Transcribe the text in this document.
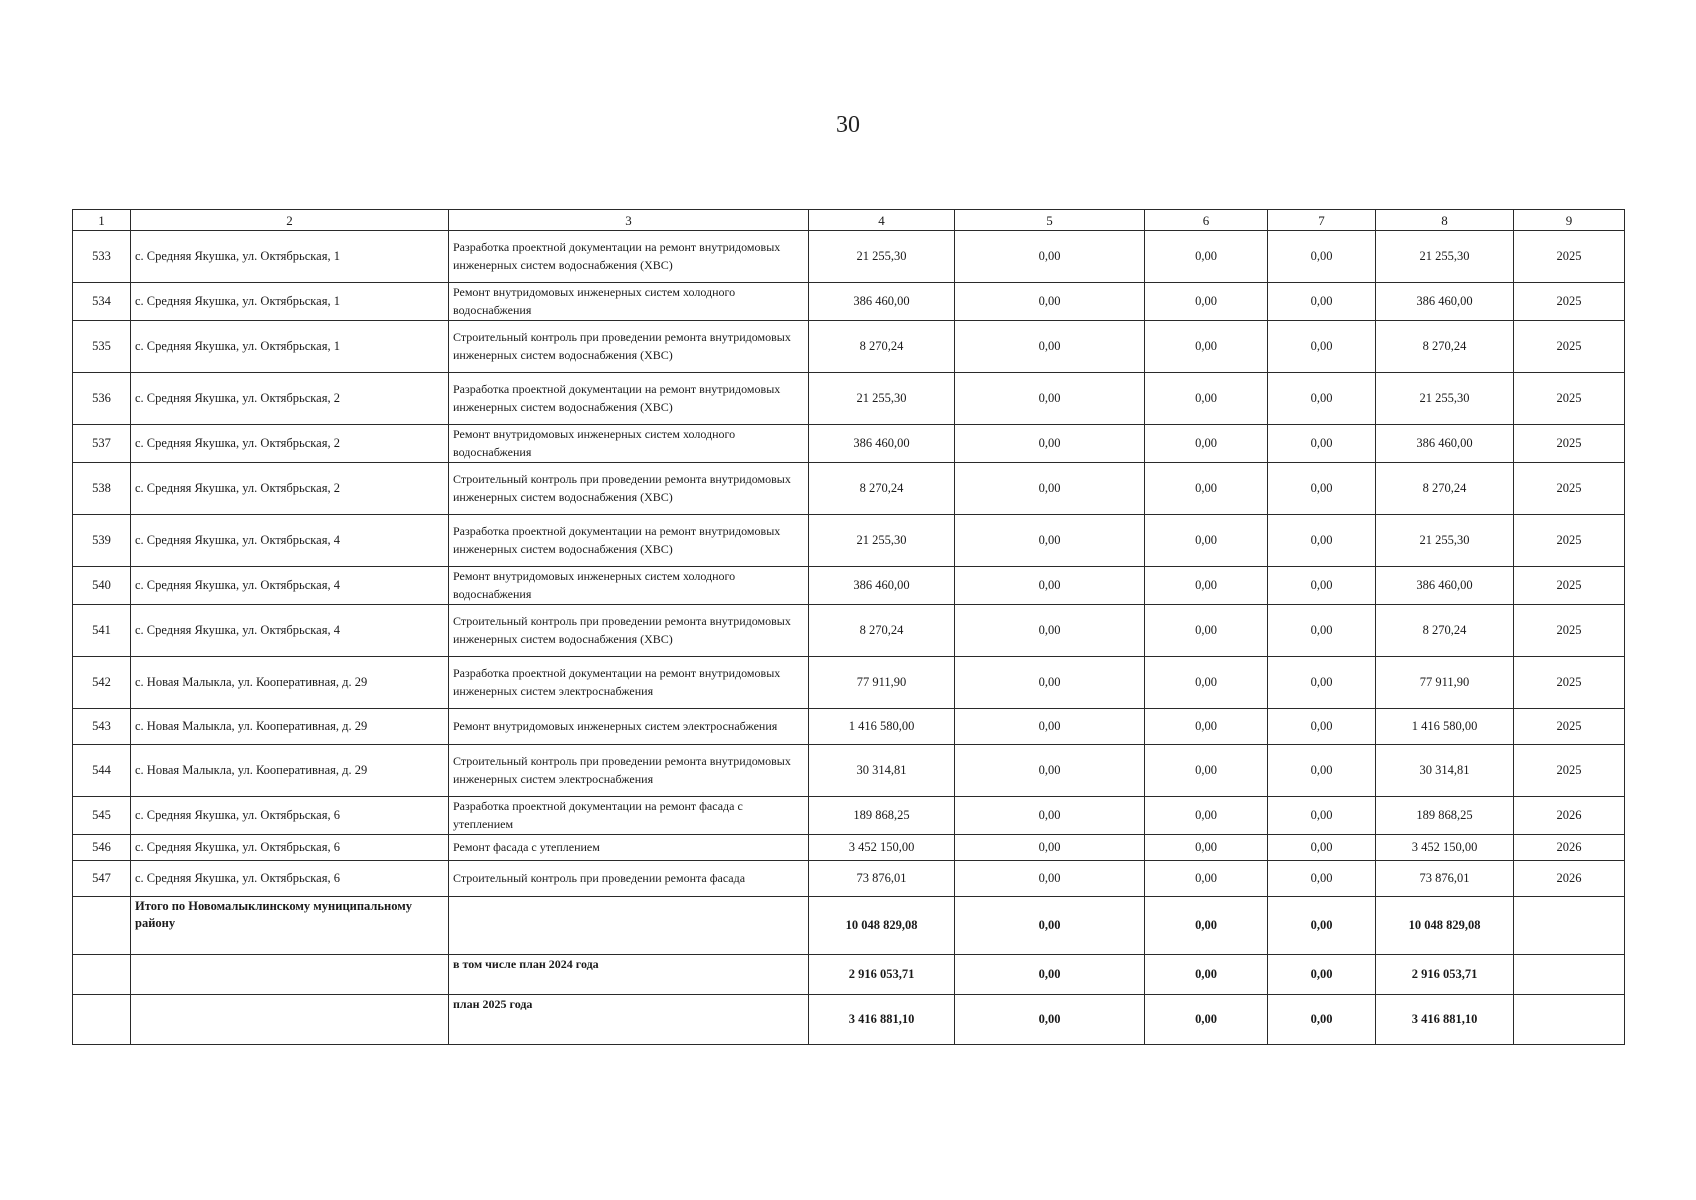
30
1	2	3	4	5	6	7	8	9
533	с. Средняя Якушка, ул. Октябрьская, 1	Разработка проектной документации на ремонт внутридомовых инженерных систем водоснабжения (ХВС)	21 255,30	0,00	0,00	0,00	21 255,30	2025
534	с. Средняя Якушка, ул. Октябрьская, 1	Ремонт внутридомовых инженерных систем холодного водоснабжения	386 460,00	0,00	0,00	0,00	386 460,00	2025
535	с. Средняя Якушка, ул. Октябрьская, 1	Строительный контроль при проведении ремонта внутридомовых инженерных систем водоснабжения (ХВС)	8 270,24	0,00	0,00	0,00	8 270,24	2025
536	с. Средняя Якушка, ул. Октябрьская, 2	Разработка проектной документации на ремонт внутридомовых инженерных систем водоснабжения (ХВС)	21 255,30	0,00	0,00	0,00	21 255,30	2025
537	с. Средняя Якушка, ул. Октябрьская, 2	Ремонт внутридомовых инженерных систем холодного водоснабжения	386 460,00	0,00	0,00	0,00	386 460,00	2025
538	с. Средняя Якушка, ул. Октябрьская, 2	Строительный контроль при проведении ремонта внутридомовых инженерных систем водоснабжения (ХВС)	8 270,24	0,00	0,00	0,00	8 270,24	2025
539	с. Средняя Якушка, ул. Октябрьская, 4	Разработка проектной документации на ремонт внутридомовых инженерных систем водоснабжения (ХВС)	21 255,30	0,00	0,00	0,00	21 255,30	2025
540	с. Средняя Якушка, ул. Октябрьская, 4	Ремонт внутридомовых инженерных систем холодного водоснабжения	386 460,00	0,00	0,00	0,00	386 460,00	2025
541	с. Средняя Якушка, ул. Октябрьская, 4	Строительный контроль при проведении ремонта внутридомовых инженерных систем водоснабжения (ХВС)	8 270,24	0,00	0,00	0,00	8 270,24	2025
542	с. Новая Малыкла, ул. Кооперативная, д. 29	Разработка проектной документации на ремонт внутридомовых инженерных систем электроснабжения	77 911,90	0,00	0,00	0,00	77 911,90	2025
543	с. Новая Малыкла, ул. Кооперативная, д. 29	Ремонт внутридомовых инженерных систем электроснабжения	1 416 580,00	0,00	0,00	0,00	1 416 580,00	2025
544	с. Новая Малыкла, ул. Кооперативная, д. 29	Строительный контроль при проведении ремонта внутридомовых инженерных систем электроснабжения	30 314,81	0,00	0,00	0,00	30 314,81	2025
545	с. Средняя Якушка, ул. Октябрьская, 6	Разработка проектной документации на ремонт фасада с утеплением	189 868,25	0,00	0,00	0,00	189 868,25	2026
546	с. Средняя Якушка, ул. Октябрьская, 6	Ремонт фасада с утеплением	3 452 150,00	0,00	0,00	0,00	3 452 150,00	2026
547	с. Средняя Якушка, ул. Октябрьская, 6	Строительный контроль при проведении ремонта фасада	73 876,01	0,00	0,00	0,00	73 876,01	2026
	Итого по Новомалыклинскому муниципальному району		10 048 829,08	0,00	0,00	0,00	10 048 829,08	
		в том числе план 2024 года	2 916 053,71	0,00	0,00	0,00	2 916 053,71	
		план 2025 года	3 416 881,10	0,00	0,00	0,00	3 416 881,10	
